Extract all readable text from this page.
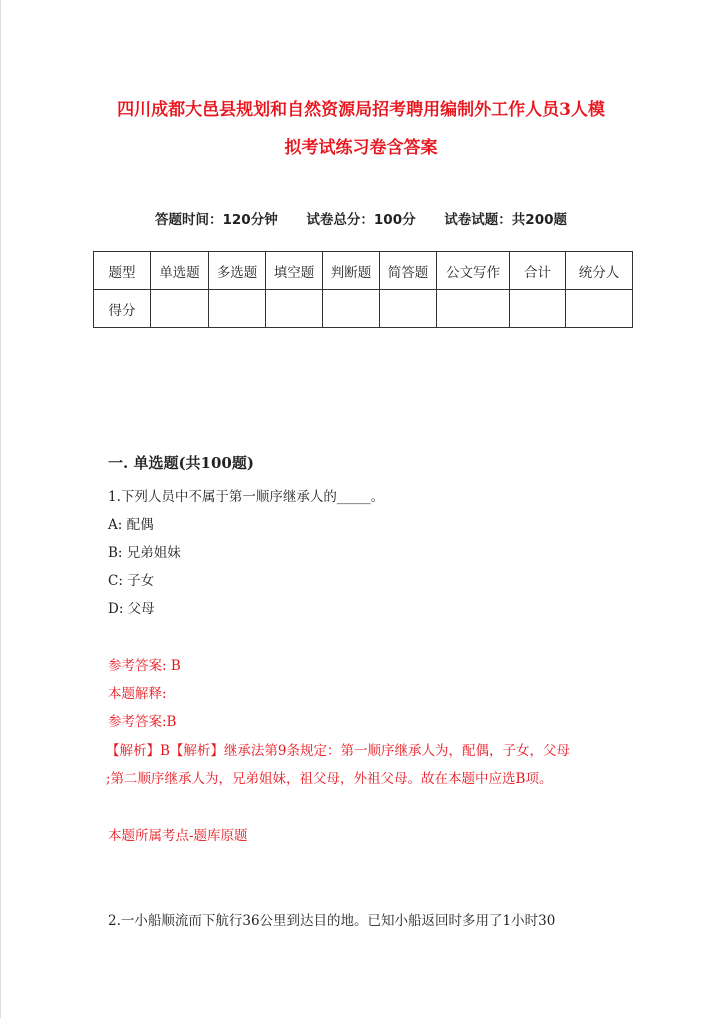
四川成都大邑县规划和自然资源局招考聘用编制外工作人员3人模
拟考试练习卷含答案
答题时间：120分钟 试卷总分：100分 试卷试题：共200题
题型	单选题	多选题	填空题	判断题	简答题	公文写作	合计	统分人
得分								
一. 单选题(共100题)
1.下列人员中不属于第一顺序继承人的_____。
A: 配偶
B: 兄弟姐妹
C: 子女
D: 父母
参考答案: B
本题解释:
参考答案:B
【解析】B【解析】继承法第9条规定：第一顺序继承人为，配偶，子女，父母
;第二顺序继承人为，兄弟姐妹，祖父母，外祖父母。故在本题中应选B项。
本题所属考点-题库原题
2.一小船顺流而下航行36公里到达目的地。已知小船返回时多用了1小时30
